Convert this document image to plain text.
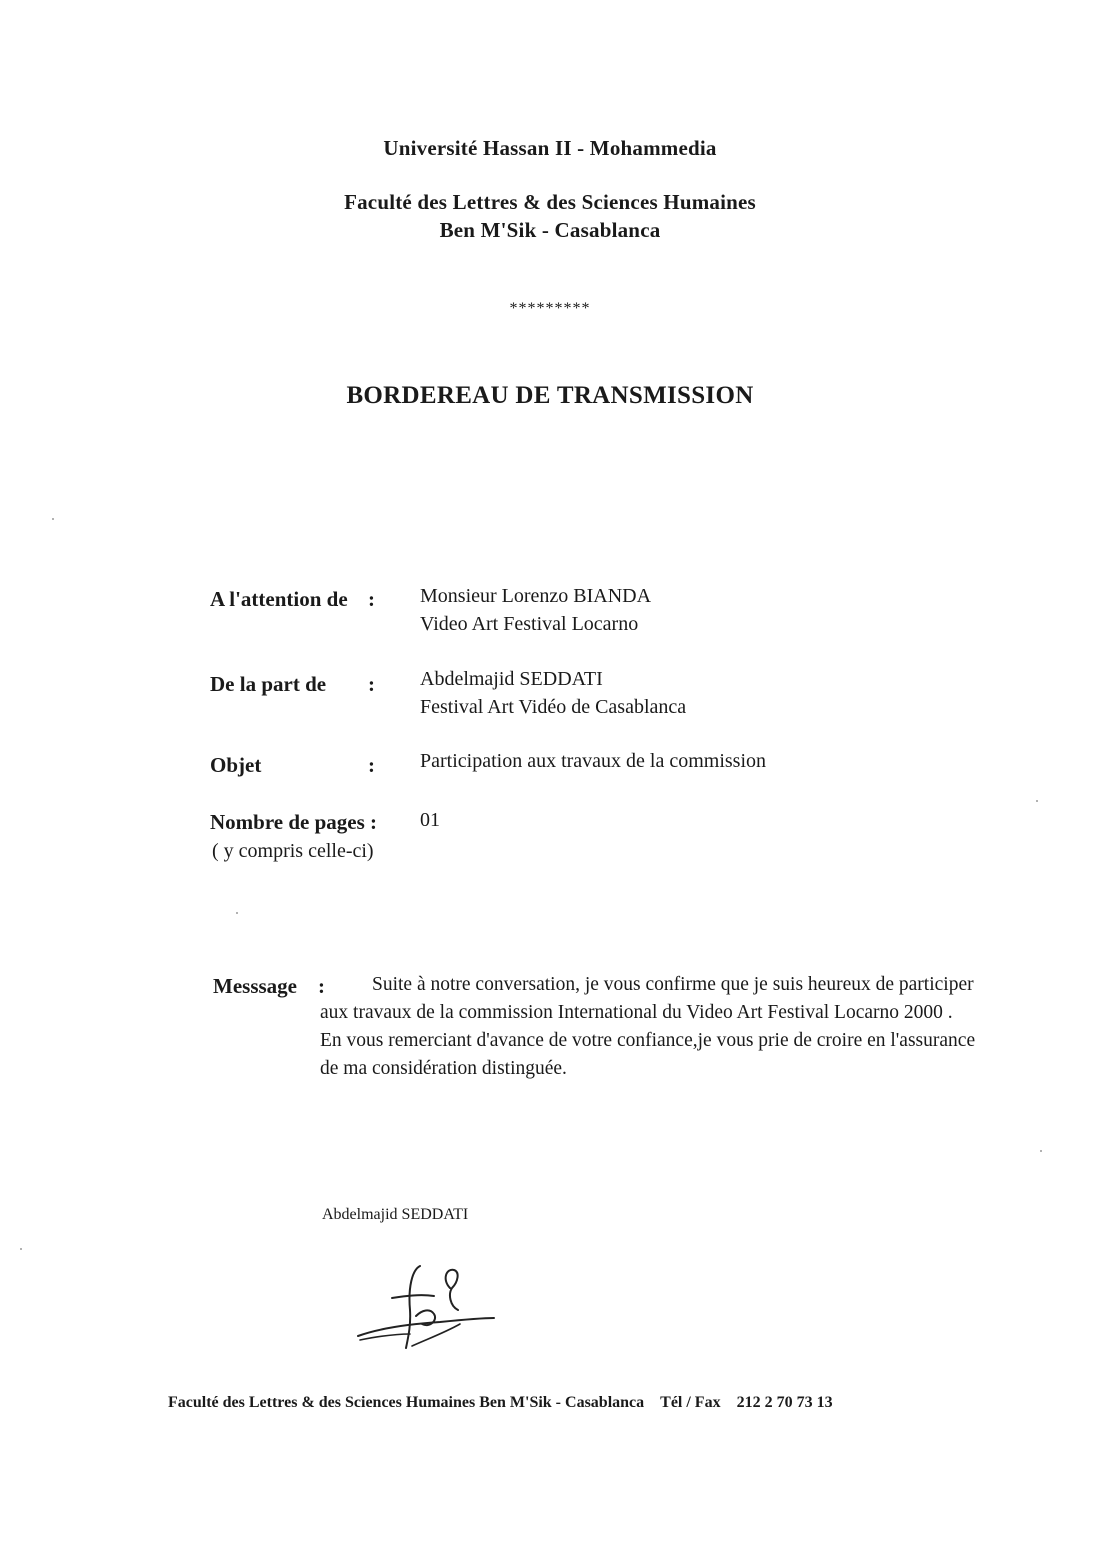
Université Hassan II - Mohammedia
Faculté des Lettres & des Sciences Humaines
Ben M'Sik - Casablanca
*********
BORDEREAU DE TRANSMISSION
A l'attention de : Monsieur Lorenzo BIANDA
Video Art Festival Locarno
De la part de : Abdelmajid SEDDATI
Festival Art Vidéo de Casablanca
Objet	: Participation aux travaux de la commission
Nombre de pages : 01
( y compris celle-ci)
Messsage :	Suite à notre conversation, je vous confirme que je suis heureux de participer aux travaux de la commission International du Video Art Festival Locarno 2000 .

En vous remerciant d'avance de votre confiance,je vous prie de croire en l'assurance de ma considération distinguée.

Abdelmajid SEDDATI
Faculté des Lettres & des Sciences Humaines Ben M'Sik - Casablanca Tél / Fax 212 2 70 73 13
